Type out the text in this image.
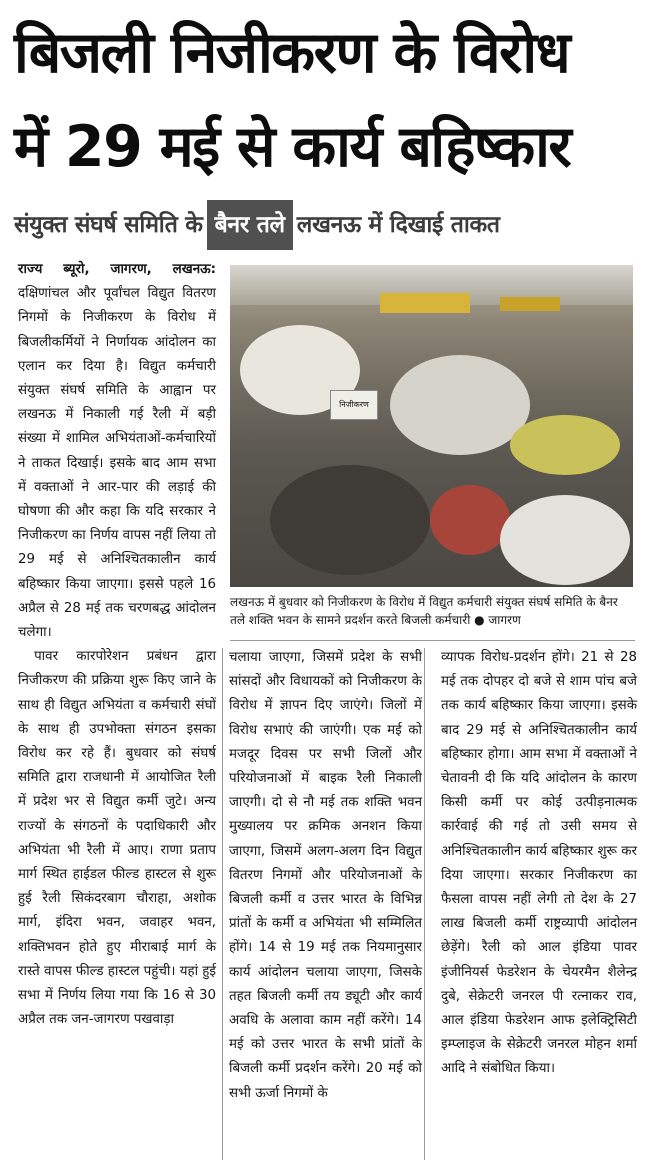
बिजली निजीकरण के विरोध
में 29 मई से कार्य बहिष्कार
संयुक्त संघर्ष समिति के बैनर तले लखनऊ में दिखाई ताकत

राज्य ब्यूरो, जागरण, लखनऊ: दक्षिणांचल और पूर्वांचल विद्युत वितरण निगमों के निजीकरण के विरोध में बिजलीकर्मियों ने निर्णायक आंदोलन का एलान कर दिया है। विद्युत कर्मचारी संयुक्त संघर्ष समिति के आह्वान पर लखनऊ में निकाली गई रैली में बड़ी संख्या में शामिल अभियंताओं-कर्मचारियों ने ताकत दिखाई। इसके बाद आम सभा में वक्ताओं ने आर-पार की लड़ाई की घोषणा की और कहा कि यदि सरकार ने निजीकरण का निर्णय वापस नहीं लिया तो 29 मई से अनिश्चितकालीन कार्य बहिष्कार किया जाएगा। इससे पहले 16 अप्रैल से 28 मई तक चरणबद्ध आंदोलन चलेगा।

पावर कारपोरेशन प्रबंधन द्वारा निजीकरण की प्रक्रिया शुरू किए जाने के साथ ही विद्युत अभियंता व कर्मचारी संघों के साथ ही उपभोक्ता संगठन इसका विरोध कर रहे हैं। बुधवार को संघर्ष समिति द्वारा राजधानी में आयोजित रैली में प्रदेश भर से विद्युत कर्मी जुटे। अन्य राज्यों के संगठनों के पदाधिकारी और अभियंता भी रैली में आए। राणा प्रताप मार्ग स्थित हाईडल फील्ड हास्टल से शुरू हुई रैली सिकंदरबाग चौराहा, अशोक मार्ग, इंदिरा भवन, जवाहर भवन, शक्तिभवन होते हुए मीराबाई मार्ग के रास्ते वापस फील्ड हास्टल पहुंची। यहां हुई सभा में निर्णय लिया गया कि 16 से 30 अप्रैल तक जन-जागरण पखवाड़ा

निजीकरण
लखनऊ में बुधवार को निजीकरण के विरोध में विद्युत कर्मचारी संयुक्त संघर्ष समिति के बैनर तले शक्ति भवन के सामने प्रदर्शन करते बिजली कर्मचारी ● जागरण

चलाया जाएगा, जिसमें प्रदेश के सभी सांसदों और विधायकों को निजीकरण के विरोध में ज्ञापन दिए जाएंगे। जिलों में विरोध सभाएं की जाएंगी। एक मई को मजदूर दिवस पर सभी जिलों और परियोजनाओं में बाइक रैली निकाली जाएगी। दो से नौ मई तक शक्ति भवन मुख्यालय पर क्रमिक अनशन किया जाएगा, जिसमें अलग-अलग दिन विद्युत वितरण निगमों और परियोजनाओं के बिजली कर्मी व उत्तर भारत के विभिन्न प्रांतों के कर्मी व अभियंता भी सम्मिलित होंगे। 14 से 19 मई तक नियमानुसार कार्य आंदोलन चलाया जाएगा, जिसके तहत बिजली कर्मी तय ड्यूटी और कार्य अवधि के अलावा काम नहीं करेंगे। 14 मई को उत्तर भारत के सभी प्रांतों के बिजली कर्मी प्रदर्शन करेंगे। 20 मई को सभी ऊर्जा निगमों के

व्यापक विरोध-प्रदर्शन होंगे। 21 से 28 मई तक दोपहर दो बजे से शाम पांच बजे तक कार्य बहिष्कार किया जाएगा। इसके बाद 29 मई से अनिश्चितकालीन कार्य बहिष्कार होगा। आम सभा में वक्ताओं ने चेतावनी दी कि यदि आंदोलन के कारण किसी कर्मी पर कोई उत्पीड़नात्मक कार्रवाई की गई तो उसी समय से अनिश्चितकालीन कार्य बहिष्कार शुरू कर दिया जाएगा। सरकार निजीकरण का फैसला वापस नहीं लेगी तो देश के 27 लाख बिजली कर्मी राष्ट्रव्यापी आंदोलन छेड़ेंगे। रैली को आल इंडिया पावर इंजीनियर्स फेडरेशन के चेयरमैन शैलेन्द्र दुबे, सेक्रेटरी जनरल पी रत्नाकर राव, आल इंडिया फेडरेशन आफ इलेक्ट्रिसिटी इम्प्लाइज के सेक्रेटरी जनरल मोहन शर्मा आदि ने संबोधित किया।
